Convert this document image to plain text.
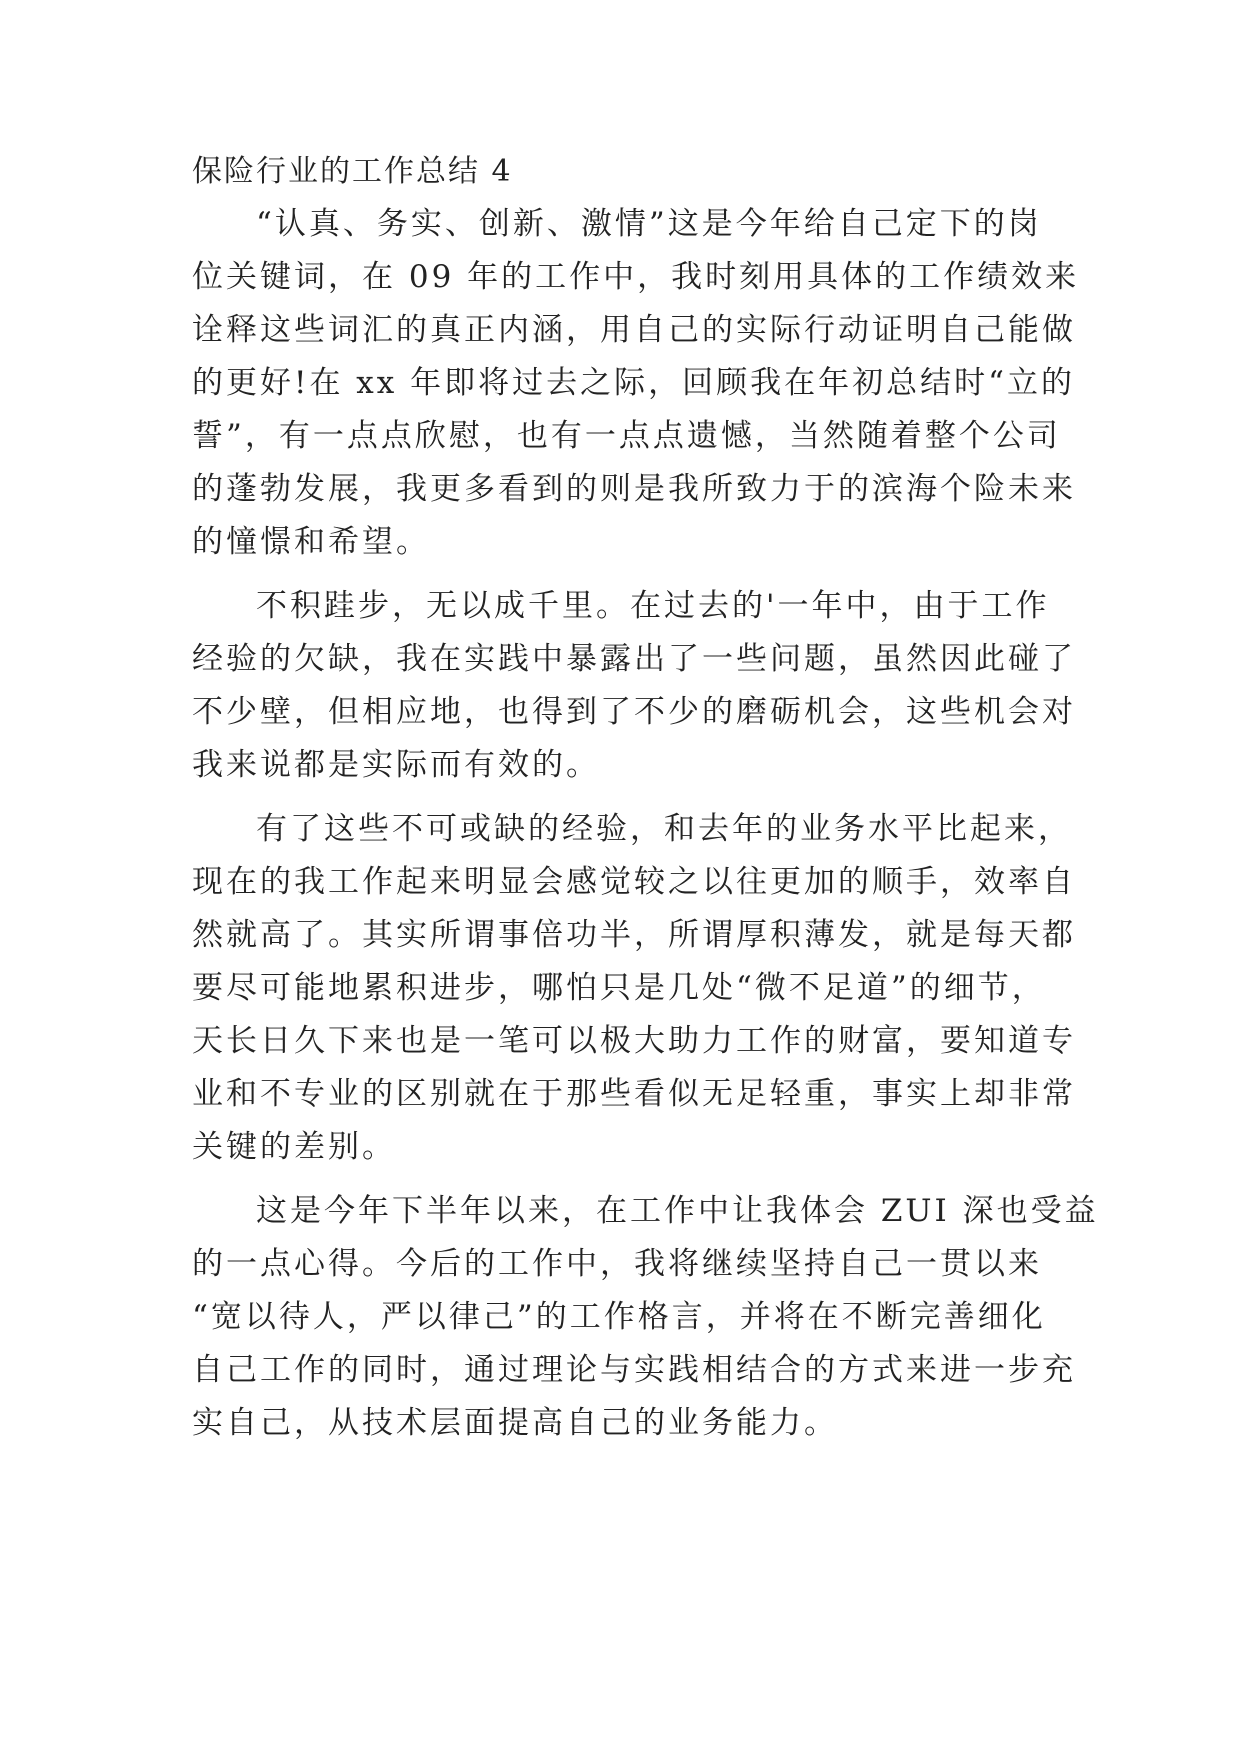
保险行业的工作总结 4
“认真、务实、创新、激情”这是今年给自己定下的岗
位关键词，在 09 年的工作中，我时刻用具体的工作绩效来
诠释这些词汇的真正内涵，用自己的实际行动证明自己能做
的更好!在 xx 年即将过去之际，回顾我在年初总结时“立的
誓”，有一点点欣慰，也有一点点遗憾，当然随着整个公司
的蓬勃发展，我更多看到的则是我所致力于的滨海个险未来
的憧憬和希望。
不积跬步，无以成千里。在过去的'一年中，由于工作
经验的欠缺，我在实践中暴露出了一些问题，虽然因此碰了
不少壁，但相应地，也得到了不少的磨砺机会，这些机会对
我来说都是实际而有效的。
有了这些不可或缺的经验，和去年的业务水平比起来，
现在的我工作起来明显会感觉较之以往更加的顺手，效率自
然就高了。其实所谓事倍功半，所谓厚积薄发，就是每天都
要尽可能地累积进步，哪怕只是几处“微不足道”的细节，
天长日久下来也是一笔可以极大助力工作的财富，要知道专
业和不专业的区别就在于那些看似无足轻重，事实上却非常
关键的差别。
这是今年下半年以来，在工作中让我体会 ZUI 深也受益
的一点心得。今后的工作中，我将继续坚持自己一贯以来
“宽以待人，严以律己”的工作格言，并将在不断完善细化
自己工作的同时，通过理论与实践相结合的方式来进一步充
实自己，从技术层面提高自己的业务能力。
